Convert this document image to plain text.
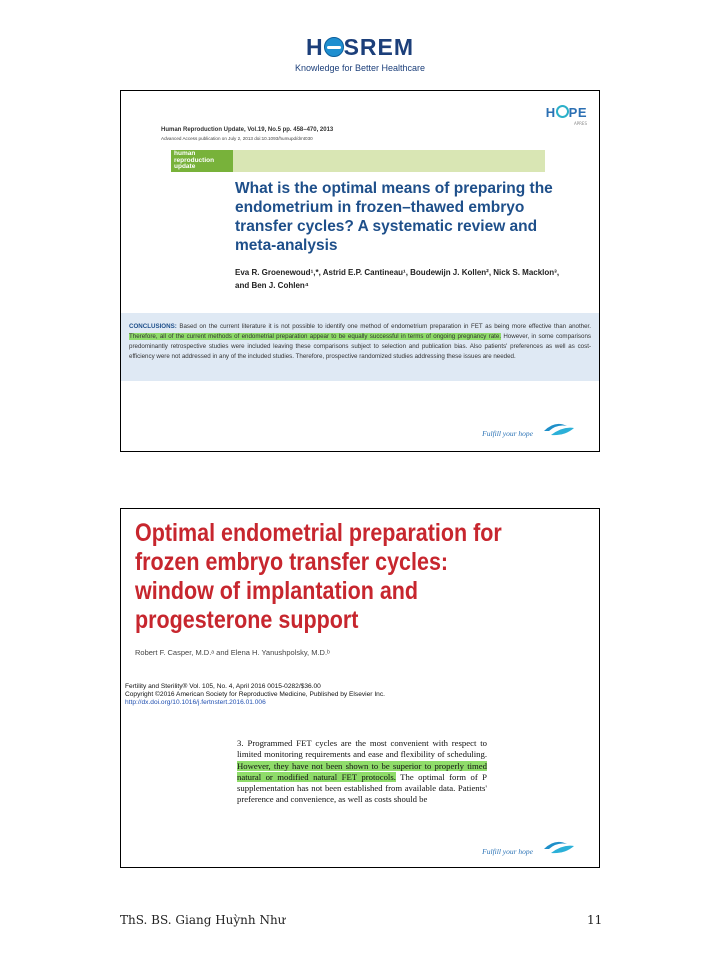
H SREM
Knowledge for Better Healthcare
H PE
APRES
Human Reproduction Update, Vol.19, No.5 pp. 458–470, 2013
Advanced Access publication on July 2, 2013 doi:10.1093/humupd/dmt030
human reproduction update
What is the optimal means of preparing the endometrium in frozen–thawed embryo transfer cycles? A systematic review and meta-analysis
Eva R. Groenewoud¹,*, Astrid E.P. Cantineau¹, Boudewijn J. Kollen², Nick S. Macklon³, and Ben J. Cohlen⁴

CONCLUSIONS: Based on the current literature it is not possible to identify one method of endometrium preparation in FET as being more effective than another. Therefore, all of the current methods of endometrial preparation appear to be equally successful in terms of ongoing pregnancy rate. However, in some comparisons predominantly retrospective studies were included leaving these comparisons subject to selection and publication bias. Also patients' preferences as well as cost-efficiency were not addressed in any of the included studies. Therefore, prospective randomized studies addressing these issues are needed.

Fulfill your hope
Optimal endometrial preparation for frozen embryo transfer cycles: window of implantation and progesterone support
Robert F. Casper, M.D.ᵃ and Elena H. Yanushpolsky, M.D.ᵇ
Fertility and Sterility® Vol. 105, No. 4, April 2016 0015-0282/$36.00
Copyright ©2016 American Society for Reproductive Medicine, Published by Elsevier Inc.
http://dx.doi.org/10.1016/j.fertnstert.2016.01.006

3. Programmed FET cycles are the most convenient with respect to limited monitoring requirements and ease and flexibility of scheduling. However, they have not been shown to be superior to properly timed natural or modified natural FET protocols. The optimal form of P supplementation has not been established from available data. Patients' preference and convenience, as well as costs should be

Fulfill your hope
ThS. BS. Giang Huỳnh Như	11
